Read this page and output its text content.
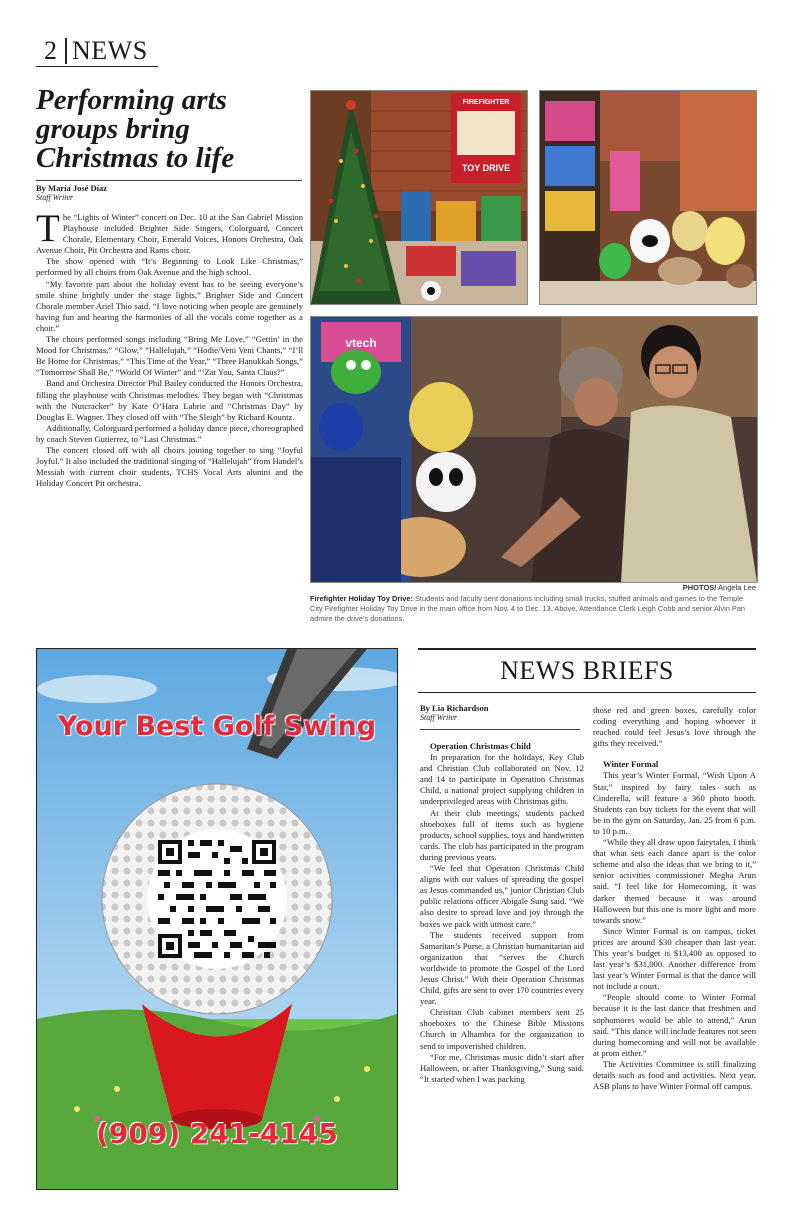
2 NEWS
Performing arts groups bring Christmas to life
By María José Díaz
Staff Writer

The “Lights of Winter” concert on Dec. 10 at the San Gabriel Mission Playhouse included Brighter Side Singers, Colorguard, Concert Chorale, Elementary Choir, Emerald Voices, Honors Orchestra, Oak Avenue Choir, Pit Orchestra and Rams choir.

The show opened with “It’s Beginning to Look Like Christmas,” performed by all choirs from Oak Avenue and the high school.

“My favorite part about the holiday event has to be seeing everyone’s smile shine brightly under the stage lights,” Brighter Side and Concert Chorale member Ariel Thio said. “I love noticing when people are genuinely having fun and hearing the harmonies of all the vocals come together as a choir.”

The choirs performed songs including “Bring Me Love,” “Gettin’ in the Mood for Christmas,” “Glow,” “Hallelujah,” “Hodie/Veni Veni Chants,” “I’ll Be Home for Christmas,” “This Time of the Year,” “Three Hanukkah Songs,” “Tomorrow Shall Be,” “World Of Winter” and “‘Zat You, Santa Claus?”

Band and Orchestra Director Phil Bailey conducted the Honors Orchestra, filling the playhouse with Christmas melodies. They began with “Christmas with the Nutcracker” by Kate O’Hara Labrie and “Christmas Day” by Douglas E. Wagner. They closed off with “The Sleigh” by Richard Kountz.

Additionally, Colorguard performed a holiday dance piece, choreographed by coach Steven Gutierrez, to “Last Christmas.”

The concert closed off with all choirs joining together to sing “Joyful Joyful.” It also included the traditional singing of “Hallelujah” from Handel’s Messiah with current choir students, TCHS Vocal Arts alumni and the Holiday Concert Pit orchestra.

FIREFIGHTER
TOY DRIVE
vtech
PHOTOS/ Angela Lee
Firefighter Holiday Toy Drive: Students and faculty sent donations including small trucks, stuffed animals and games to the Temple City Firefighter Holiday Toy Drive in the main office from Nov. 4 to Dec. 13. Above, Attendance Clerk Leigh Cobb and senior Alvin Pan admire the drive’s donations.
Your Best Golf Swing
(909) 241-4145
NEWS BRIEFS
By Lia Richardson
Staff Writer

Operation Christmas Child

In preparation for the holidays, Key Club and Christian Club collaborated on Nov. 12 and 14 to participate in Operation Christmas Child, a national project supplying children in underprivileged areas with Christmas gifts.

At their club meetings, students packed shoeboxes full of items such as hygiene products, school supplies, toys and handwritten cards. The club has participated in the program during previous years.

“We feel that Operation Christmas Child aligns with our values of spreading the gospel as Jesus commanded us,” junior Christian Club public relations officer Abigale Sung said. “We also desire to spread love and joy through the boxes we pack with utmost care.”

The students received support from Samaritan’s Purse, a Christian humanitarian aid organization that “serves the Church worldwide to promote the Gospel of the Lord Jesus Christ.” With their Operation Christmas Child, gifts are sent to over 170 countries every year.

Christian Club cabinet members sent 25 shoeboxes to the Chinese Bible Missions Church in Alhambra for the organization to send to impoverished children.

“For me, Christmas music didn’t start after Halloween, or after Thanksgiving,” Sung said. “It started when I was packing

those red and green boxes, carefully color coding everything and hoping whoever it reached could feel Jesus’s love through the gifts they received.”

Winter Formal

This year’s Winter Formal, “Wish Upon A Star,” inspired by fairy tales such as Cinderella, will feature a 360 photo booth. Students can buy tickets for the event that will be in the gym on Saturday, Jan. 25 from 6 p.m. to 10 p.m..

“While they all draw upon fairytales, I think that what sets each dance apart is the color scheme and also the ideas that we bring to it,” senior activities commissioner Megha Arun said. “I feel like for Homecoming, it was darker themed because it was around Halloween but this one is more light and more towards snow.”

Since Winter Formal is on campus, ticket prices are around $30 cheaper than last year. This year’s budget is $13,400 as opposed to last year’s $31,000. Another difference from last year’s Winter Formal is that the dance will not include a court.

“People should come to Winter Formal because it is the last dance that freshmen and sophomores would be able to attend,” Arun said. “This dance will include features not seen during homecoming and will not be available at prom either.”

The Activities Committee is still finalizing details such as food and activities. Next year, ASB plans to have Winter Formal off campus.
